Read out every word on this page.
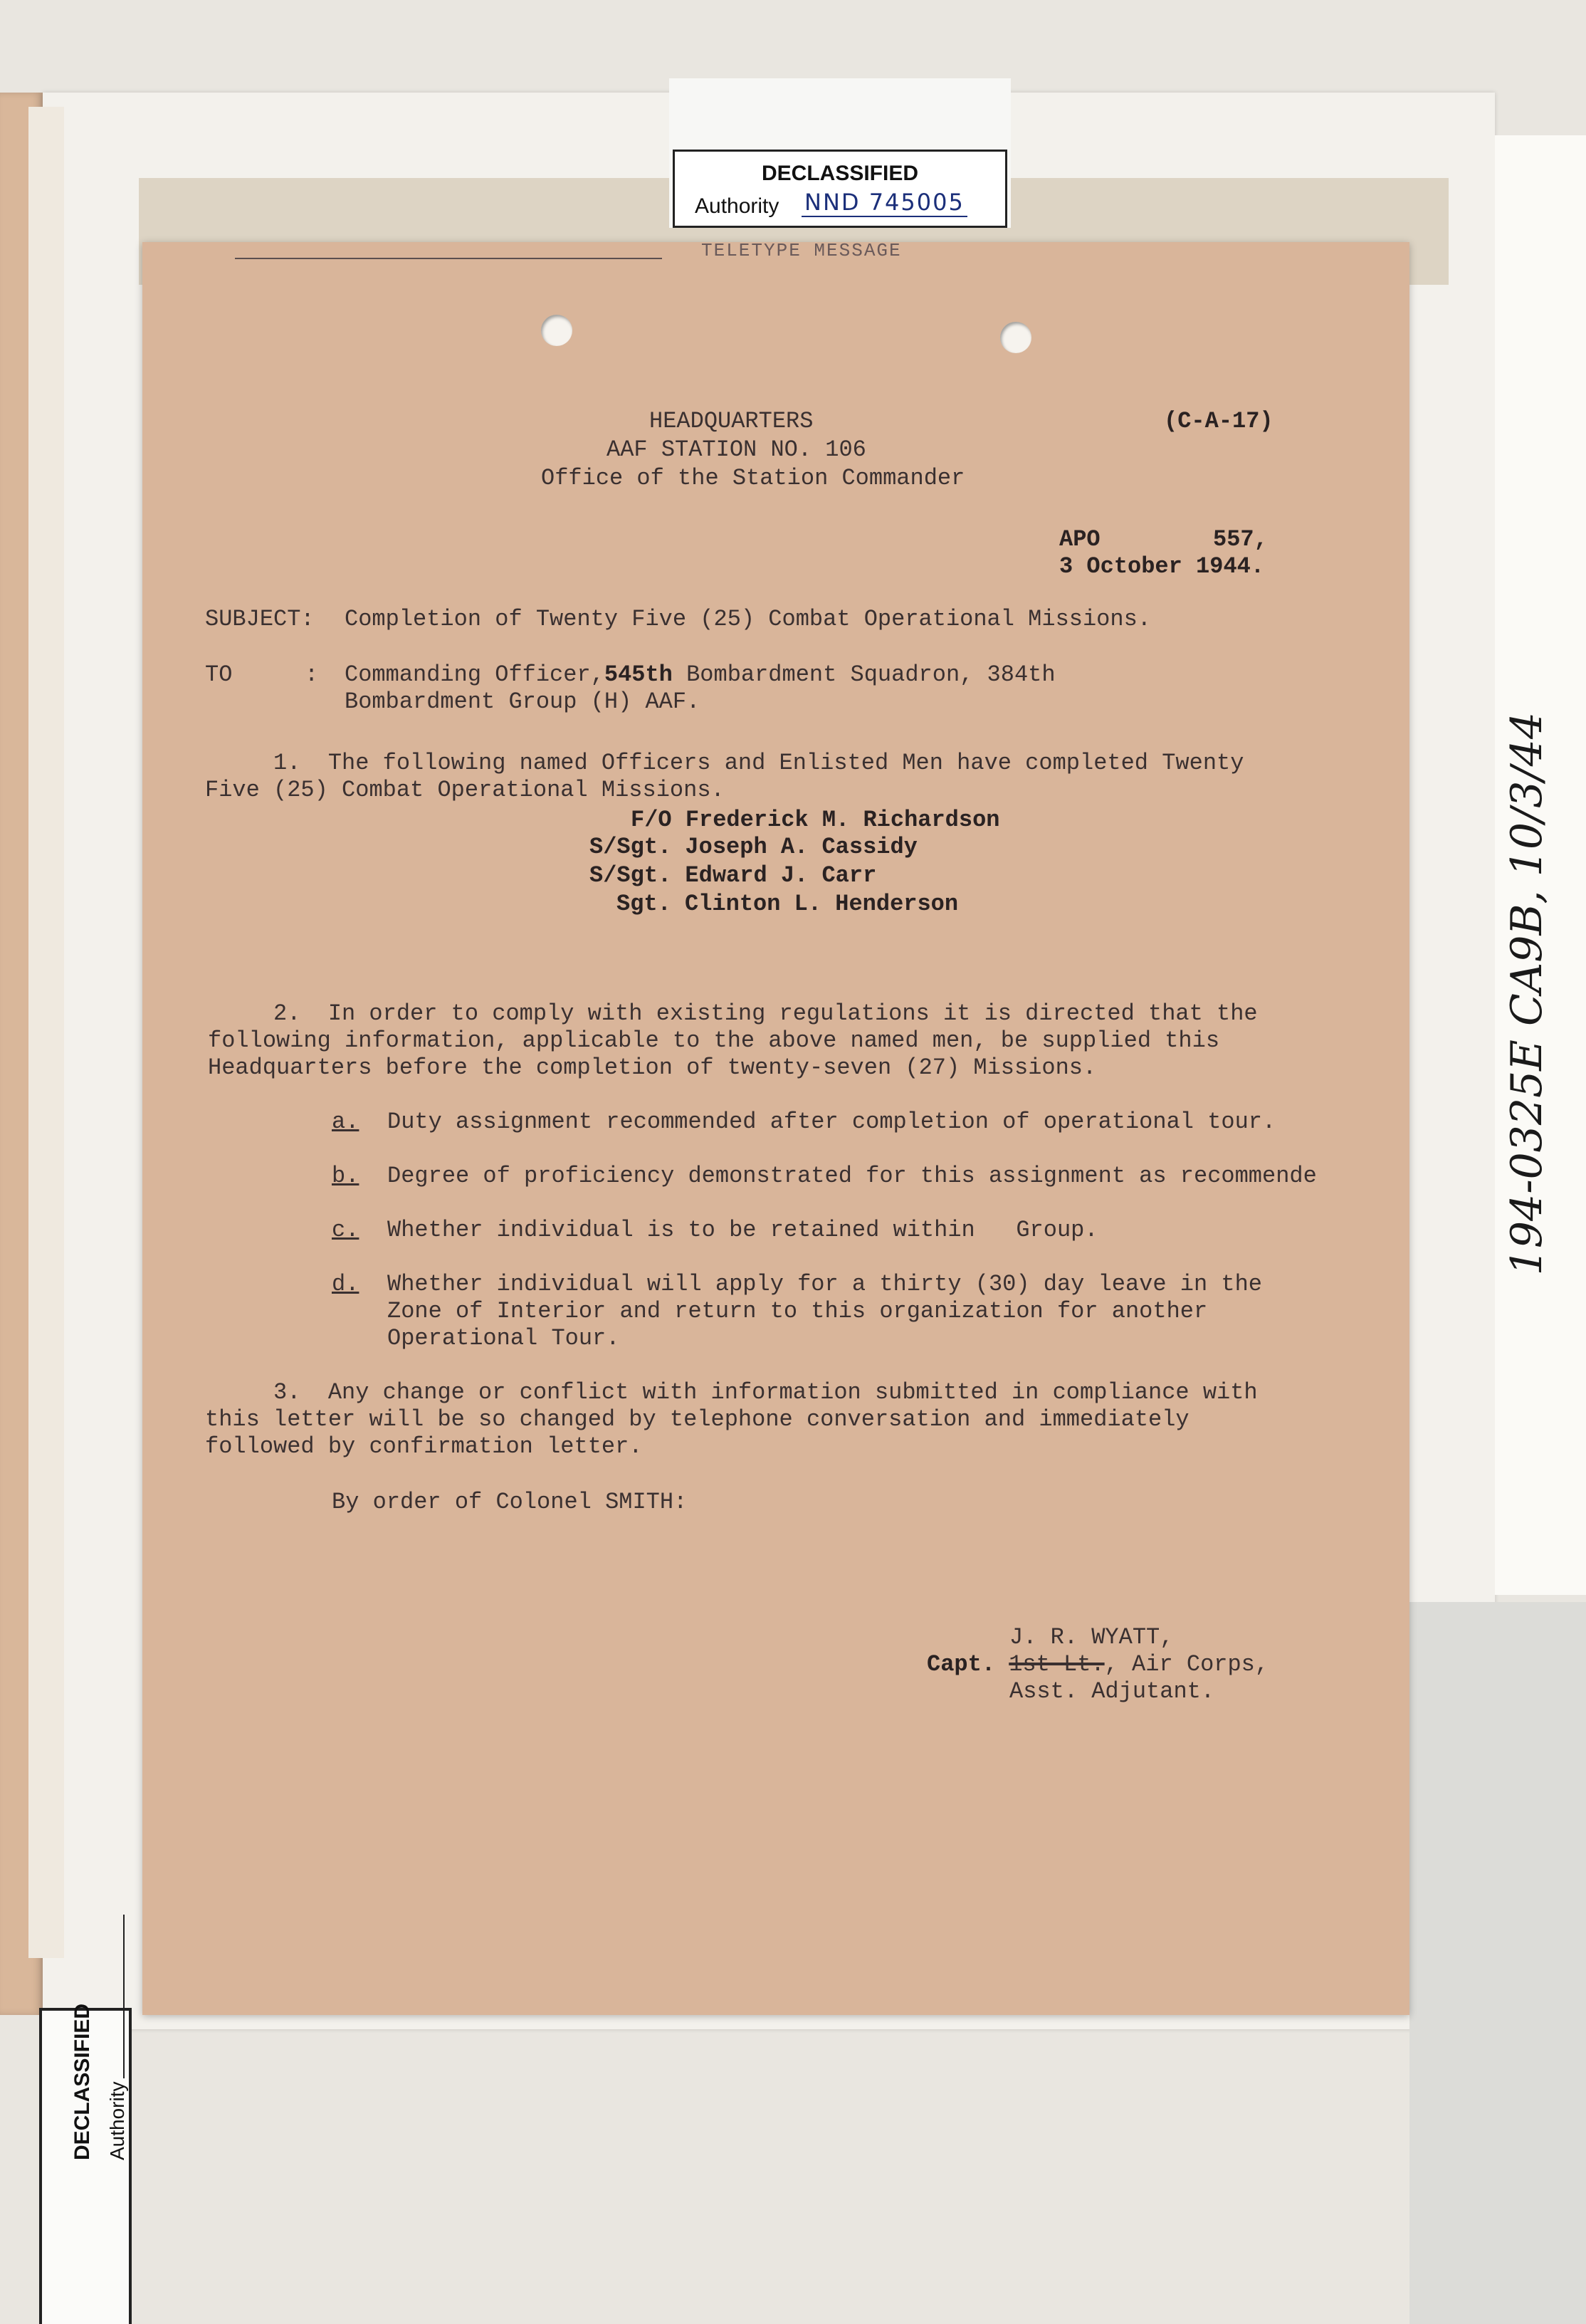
194-0325E CA9B, 10/3/44
DECLASSIFIED
Authority NND 745005
HEADQUARTERS
AAF STATION NO. 106
Office of the Station Commander
(C-A-17)
APO	557,
3 October 1944.
SUBJECT: Completion of Twenty Five (25) Combat Operational Missions.
TO	: Commanding Officer,545th Bombardment Squadron, 384th
Bombardment Group (H) AAF.
1.  The following named Officers and Enlisted Men have completed Twenty
Five (25) Combat Operational Missions.
F/O Frederick M. Richardson
S/Sgt. Joseph A. Cassidy
S/Sgt. Edward J. Carr
Sgt. Clinton L. Henderson
2.  In order to comply with existing regulations it is directed that the
following information, applicable to the above named men, be supplied this
Headquarters before the completion of twenty-seven (27) Missions.
a. Duty assignment recommended after completion of operational tour.
b. Degree of proficiency demonstrated for this assignment as recommende
c. Whether individual is to be retained within   Group.
d. Whether individual will apply for a thirty (30) day leave in the
Zone of Interior and return to this organization for another
Operational Tour.
3.  Any change or conflict with information submitted in compliance with
this letter will be so changed by telephone conversation and immediately
followed by confirmation letter.
By order of Colonel SMITH:
J. R. WYATT,
Capt. 1st Lt., Air Corps,
Asst. Adjutant.
TELETYPE MESSAGE
DECLASSIFIED Authority
